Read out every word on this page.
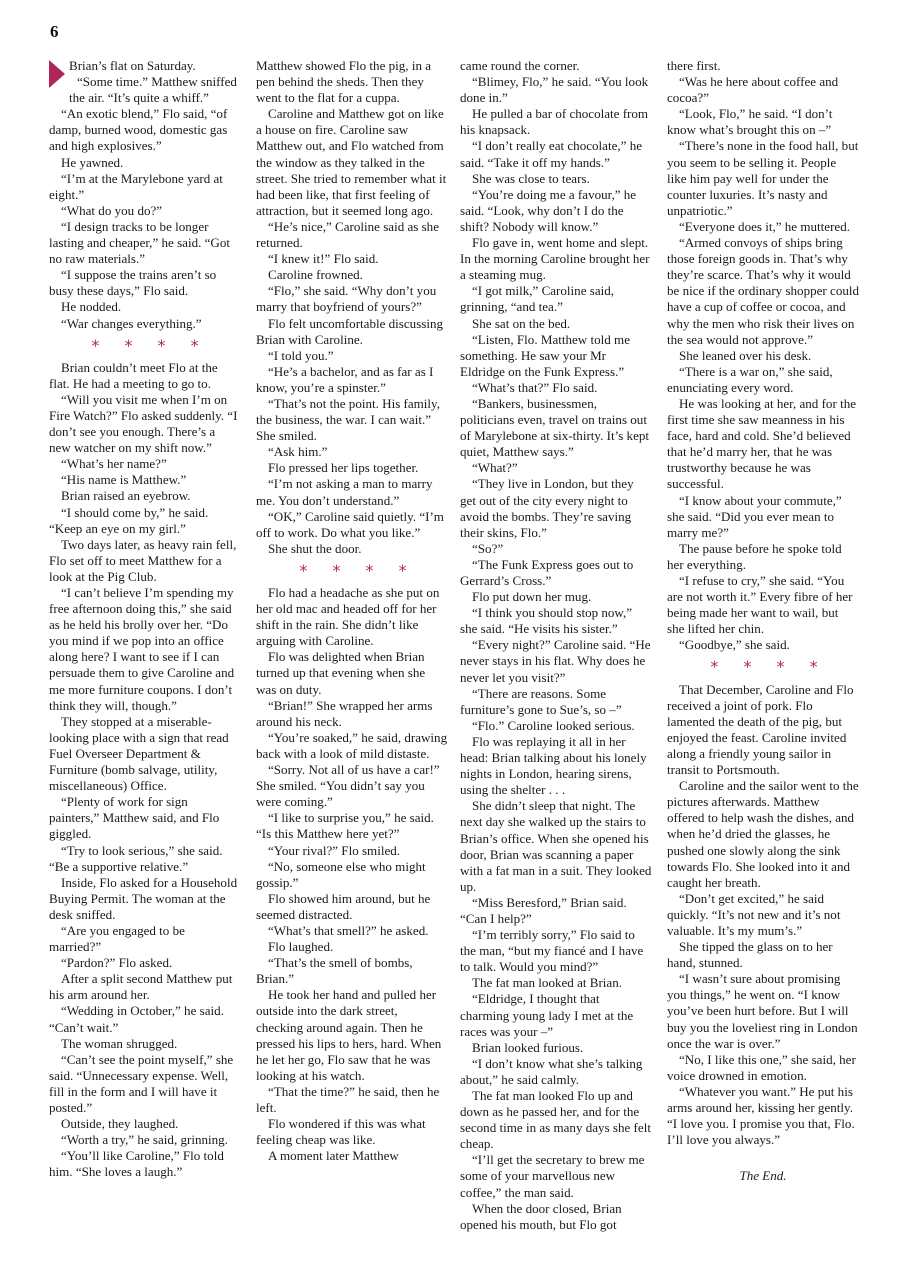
6

Brian’s flat on Saturday.

“Some time.” Matthew sniffed the air. “It’s quite a whiff.”

“An exotic blend,” Flo said, “of damp, burned wood, domestic gas and high explosives.”

He yawned.

“I’m at the Marylebone yard at eight.”

“What do you do?”

“I design tracks to be longer lasting and cheaper,” he said. “Got no raw materials.”

“I suppose the trains aren’t so busy these days,” Flo said.

He nodded.

“War changes everything.”

* * * *

Brian couldn’t meet Flo at the flat. He had a meeting to go to.

“Will you visit me when I’m on Fire Watch?” Flo asked suddenly. “I don’t see you enough. There’s a new watcher on my shift now.”

“What’s her name?”

“His name is Matthew.”

Brian raised an eyebrow.

“I should come by,” he said. “Keep an eye on my girl.”

Two days later, as heavy rain fell, Flo set off to meet Matthew for a look at the Pig Club.

“I can’t believe I’m spending my free afternoon doing this,” she said as he held his brolly over her. “Do you mind if we pop into an office along here? I want to see if I can persuade them to give Caroline and me more furniture coupons. I don’t think they will, though.”

They stopped at a miserable-looking place with a sign that read Fuel Overseer Department & Furniture (bomb salvage, utility, miscellaneous) Office.

“Plenty of work for sign painters,” Matthew said, and Flo giggled.

“Try to look serious,” she said. “Be a supportive relative.”

Inside, Flo asked for a Household Buying Permit. The woman at the desk sniffed.

“Are you engaged to be married?”

“Pardon?” Flo asked.

After a split second Matthew put his arm around her.

“Wedding in October,” he said. “Can’t wait.”

The woman shrugged.

“Can’t see the point myself,” she said. “Unnecessary expense. Well, fill in the form and I will have it posted.”

Outside, they laughed.

“Worth a try,” he said, grinning.

“You’ll like Caroline,” Flo told him. “She loves a laugh.”

Matthew showed Flo the pig, in a pen behind the sheds. Then they went to the flat for a cuppa.

Caroline and Matthew got on like a house on fire. Caroline saw Matthew out, and Flo watched from the window as they talked in the street. She tried to remember what it had been like, that first feeling of attraction, but it seemed long ago.

“He’s nice,” Caroline said as she returned.

“I knew it!” Flo said.

Caroline frowned.

“Flo,” she said. “Why don’t you marry that boyfriend of yours?”

Flo felt uncomfortable discussing Brian with Caroline.

“I told you.”

“He’s a bachelor, and as far as I know, you’re a spinster.”

“That’s not the point. His family, the business, the war. I can wait.” She smiled.

“Ask him.”

Flo pressed her lips together.

“I’m not asking a man to marry me. You don’t understand.”

“OK,” Caroline said quietly. “I’m off to work. Do what you like.”

She shut the door.

* * * *

Flo had a headache as she put on her old mac and headed off for her shift in the rain. She didn’t like arguing with Caroline.

Flo was delighted when Brian turned up that evening when she was on duty.

“Brian!” She wrapped her arms around his neck.

“You’re soaked,” he said, drawing back with a look of mild distaste.

“Sorry. Not all of us have a car!” She smiled. “You didn’t say you were coming.”

“I like to surprise you,” he said. “Is this Matthew here yet?”

“Your rival?” Flo smiled.

“No, someone else who might gossip.”

Flo showed him around, but he seemed distracted.

“What’s that smell?” he asked.

Flo laughed.

“That’s the smell of bombs, Brian.”

He took her hand and pulled her outside into the dark street, checking around again. Then he pressed his lips to hers, hard. When he let her go, Flo saw that he was looking at his watch.

“That the time?” he said, then he left.

Flo wondered if this was what feeling cheap was like.

A moment later Matthew

came round the corner.

“Blimey, Flo,” he said. “You look done in.”

He pulled a bar of chocolate from his knapsack.

“I don’t really eat chocolate,” he said. “Take it off my hands.”

She was close to tears.

“You’re doing me a favour,” he said. “Look, why don’t I do the shift? Nobody will know.”

Flo gave in, went home and slept. In the morning Caroline brought her a steaming mug.

“I got milk,” Caroline said, grinning, “and tea.”

She sat on the bed.

“Listen, Flo. Matthew told me something. He saw your Mr Eldridge on the Funk Express.”

“What’s that?” Flo said.

“Bankers, businessmen, politicians even, travel on trains out of Marylebone at six-thirty. It’s kept quiet, Matthew says.”

“What?”

“They live in London, but they get out of the city every night to avoid the bombs. They’re saving their skins, Flo.”

“So?”

“The Funk Express goes out to Gerrard’s Cross.”

Flo put down her mug.

“I think you should stop now,” she said. “He visits his sister.”

“Every night?” Caroline said. “He never stays in his flat. Why does he never let you visit?”

“There are reasons. Some furniture’s gone to Sue’s, so –”

“Flo.” Caroline looked serious.

Flo was replaying it all in her head: Brian talking about his lonely nights in London, hearing sirens, using the shelter . . .

She didn’t sleep that night. The next day she walked up the stairs to Brian’s office. When she opened his door, Brian was scanning a paper with a fat man in a suit. They looked up.

“Miss Beresford,” Brian said. “Can I help?”

“I’m terribly sorry,” Flo said to the man, “but my fiancé and I have to talk. Would you mind?”

The fat man looked at Brian.

“Eldridge, I thought that charming young lady I met at the races was your –”

Brian looked furious.

“I don’t know what she’s talking about,” he said calmly.

The fat man looked Flo up and down as he passed her, and for the second time in as many days she felt cheap.

“I’ll get the secretary to brew me some of your marvellous new coffee,” the man said.

When the door closed, Brian opened his mouth, but Flo got

there first.

“Was he here about coffee and cocoa?”

“Look, Flo,” he said. “I don’t know what’s brought this on –”

“There’s none in the food hall, but you seem to be selling it. People like him pay well for under the counter luxuries. It’s nasty and unpatriotic.”

“Everyone does it,” he muttered.

“Armed convoys of ships bring those foreign goods in. That’s why they’re scarce. That’s why it would be nice if the ordinary shopper could have a cup of coffee or cocoa, and why the men who risk their lives on the sea would not approve.”

She leaned over his desk.

“There is a war on,” she said, enunciating every word.

He was looking at her, and for the first time she saw meanness in his face, hard and cold. She’d believed that he’d marry her, that he was trustworthy because he was successful.

“I know about your commute,” she said. “Did you ever mean to marry me?”

The pause before he spoke told her everything.

“I refuse to cry,” she said. “You are not worth it.” Every fibre of her being made her want to wail, but she lifted her chin.

“Goodbye,” she said.

* * * *

That December, Caroline and Flo received a joint of pork. Flo lamented the death of the pig, but enjoyed the feast. Caroline invited along a friendly young sailor in transit to Portsmouth.

Caroline and the sailor went to the pictures afterwards. Matthew offered to help wash the dishes, and when he’d dried the glasses, he pushed one slowly along the sink towards Flo. She looked into it and caught her breath.

“Don’t get excited,” he said quickly. “It’s not new and it’s not valuable. It’s my mum’s.”

She tipped the glass on to her hand, stunned.

“I wasn’t sure about promising you things,” he went on. “I know you’ve been hurt before. But I will buy you the loveliest ring in London once the war is over.”

“No, I like this one,” she said, her voice drowned in emotion.

“Whatever you want.” He put his arms around her, kissing her gently. “I love you. I promise you that, Flo. I’ll love you always.”

The End.
